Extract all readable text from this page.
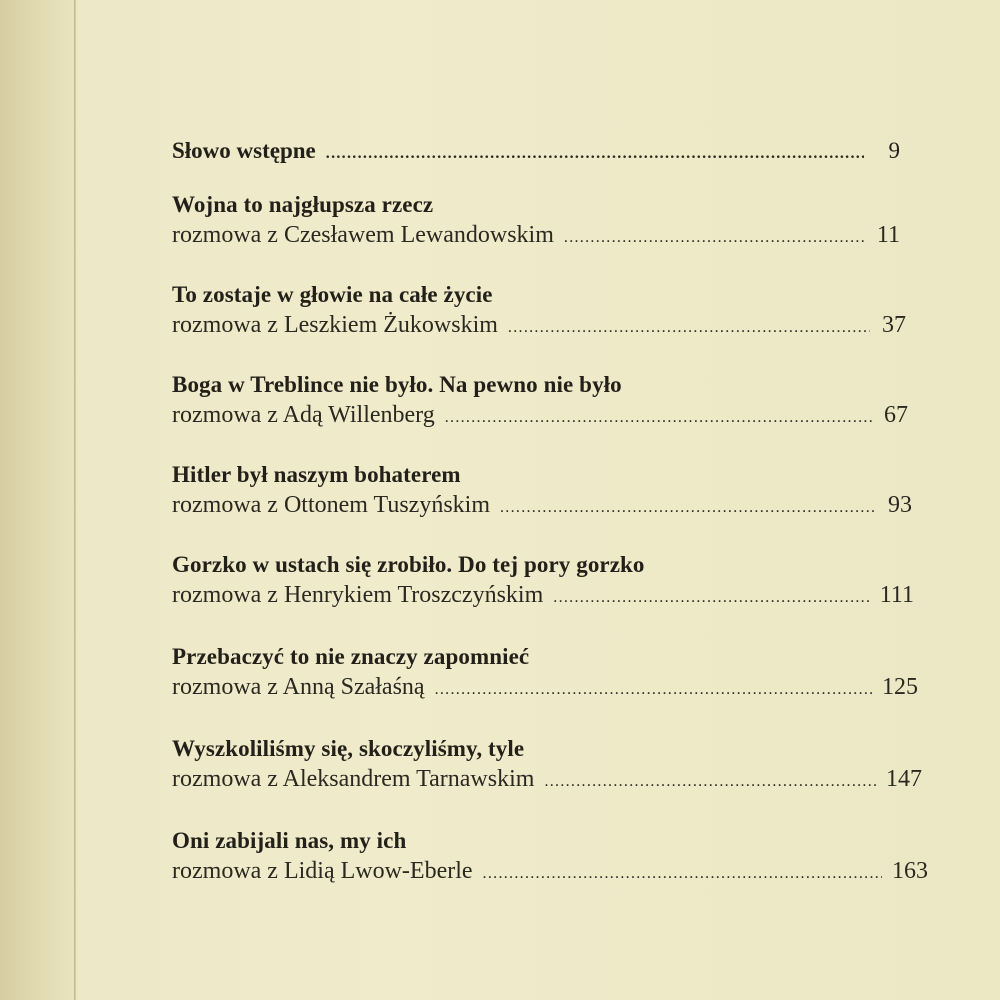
Słowo wstępne .....	9
Wojna to najgłupsza rzecz
rozmowa z Czesławem Lewandowskim .....	11
To zostaje w głowie na całe życie
rozmowa z Leszkiem Żukowskim .....	37
Boga w Treblince nie było. Na pewno nie było
rozmowa z Adą Willenberg .....	67
Hitler był naszym bohaterem
rozmowa z Ottonem Tuszyńskim .....	93
Gorzko w ustach się zrobiło. Do tej pory gorzko
rozmowa z Henrykiem Troszczyńskim .....	111
Przebaczyć to nie znaczy zapomnieć
rozmowa z Anną Szałaśną .....	125
Wyszkoliliśmy się, skoczyliśmy, tyle
rozmowa z Aleksandrem Tarnawskim .....	147
Oni zabijali nas, my ich
rozmowa z Lidią Lwow-Eberle .....	163
